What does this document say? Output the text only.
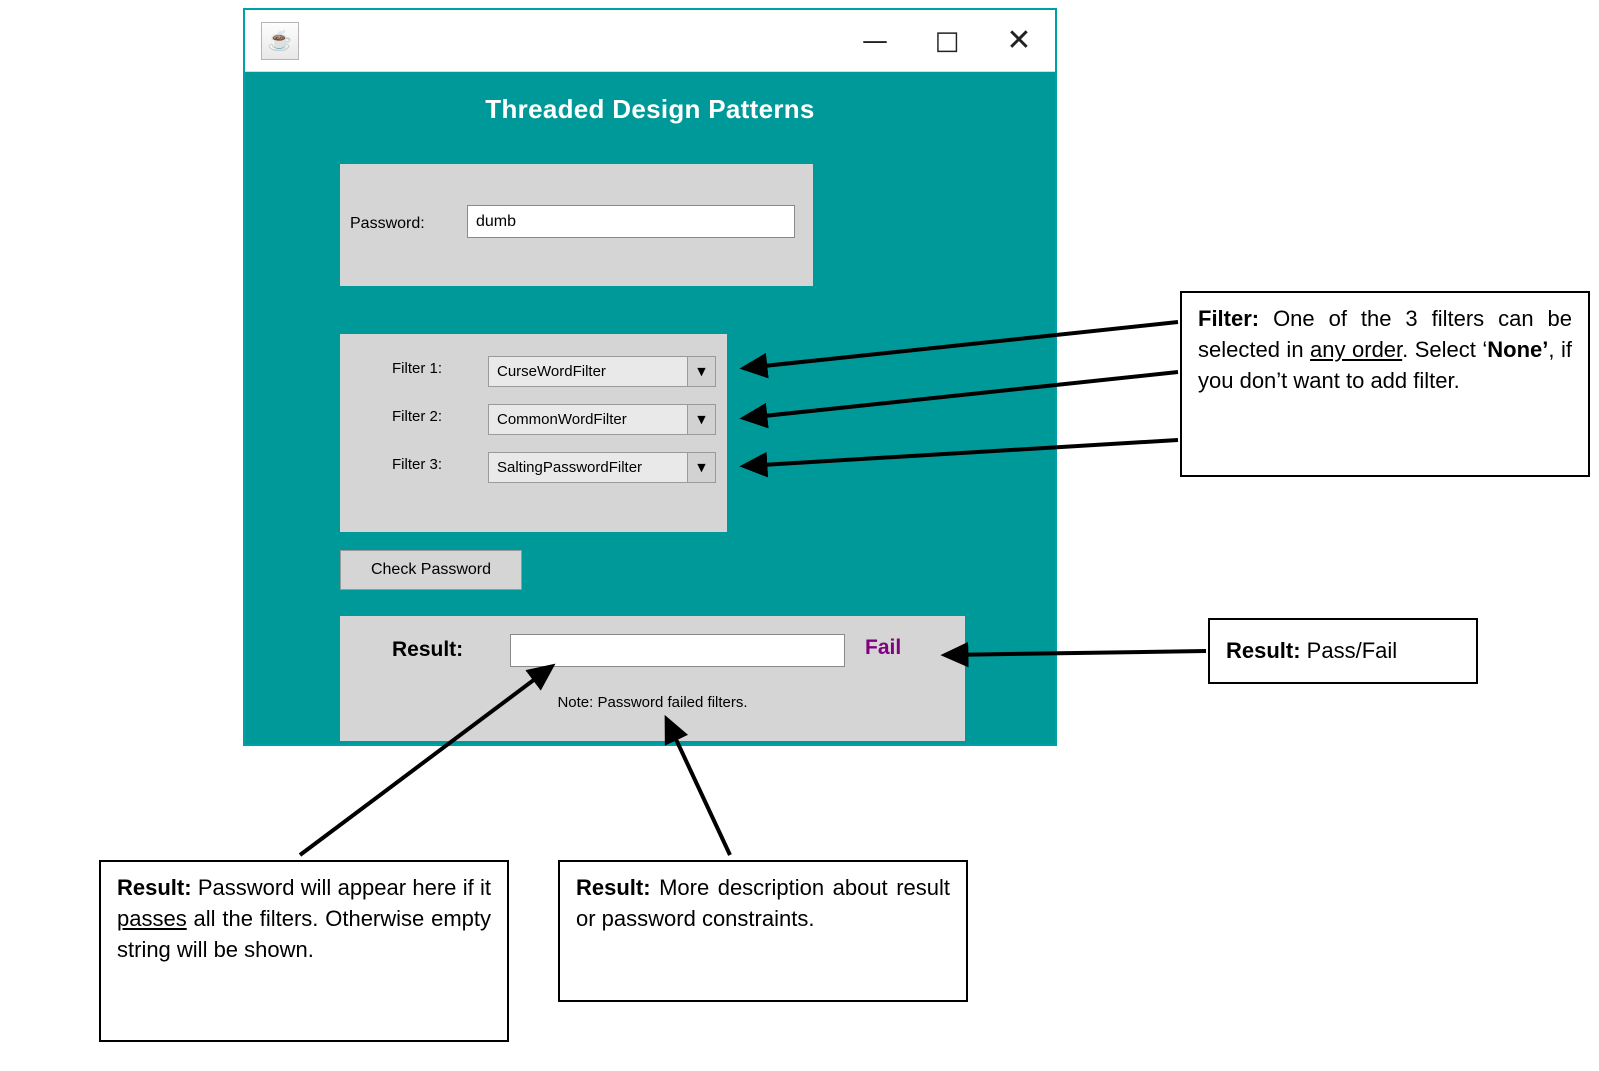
☕	—	□	✕
Threaded Design Patterns
Password:
dumb
Filter 1:	CurseWordFilter	▼
Filter 2:	CommonWordFilter	▼
Filter 3:	SaltingPasswordFilter	▼
Check Password
Result:	Fail
Note: Password failed filters.
Filter: One of the 3 filters can be selected in any order. Select ‘None’, if you don’t want to add filter.
Result: Pass/Fail
Result: Password will appear here if it passes all the filters. Otherwise empty string will be shown.
Result: More description about result or password constraints.
